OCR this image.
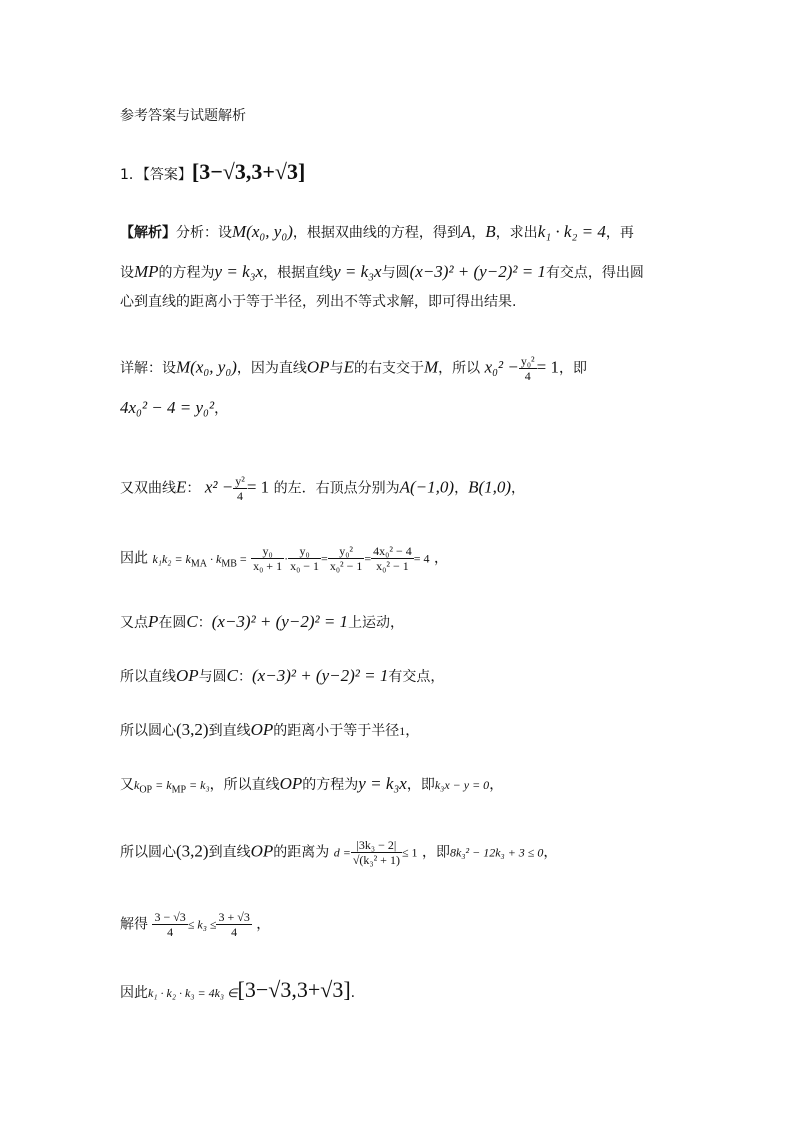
参考答案与试题解析
1．【答案】[3−√3,3+√3]
【解析】分析：设M(x₀, y₀)，根据双曲线的方程，得到A，B，求出k₁ · k₂ = 4，再
设MP的方程为y = k₃x，根据直线y = k₃x与圆(x−3)² + (y−2)² = 1有交点，得出圆
心到直线的距离小于等于半径，列出不等式求解，即可得出结果.
详解：设M(x₀, y₀)，因为直线OP与E的右支交于M，所以 $x_0^2 - \frac{\text{y₀²}}{4} = 1$，即
4x₀² − 4 = y₀²，
又双曲线E： $x^2 - \frac{\text{y²}}{4} = 1$ 的左．右顶点分别为A(−1,0)，B(1,0)，
因此 $k_1k_2 = k_{MA} \cdot k_{MB} = \frac{\text{y₀}}{\text{x₀ + 1}} \cdot \frac{\text{y₀}}{\text{x₀ − 1}} = \frac{\text{y₀²}}{\text{x₀² − 1}} = \frac{\text{4x₀² − 4}}{\text{x₀² − 1}} = 4$ ，
又点P在圆C：(x−3)² + (y−2)² = 1上运动，
所以直线OP与圆C：(x−3)² + (y−2)² = 1有交点，
所以圆心(3,2)到直线OP的距离小于等于半径1，
又$k_{OP} = k_{MP} = k_3$，所以直线OP的方程为y = k₃x，即k₃x − y = 0，
所以圆心(3,2)到直线OP的距离为 $d = \frac{\text{|3k₃ − 2|}}{\text{√(k₃² + 1)}} \le 1$ ，即8k₃² − 12k₃ + 3 ≤ 0，
解得 $\frac{3 - √3}{4} \le k_3 \le \frac{3 + √3}{4}$ ，
因此k₁ · k₂ · k₃ = 4k₃ ∈[3−√3,3+√3].
